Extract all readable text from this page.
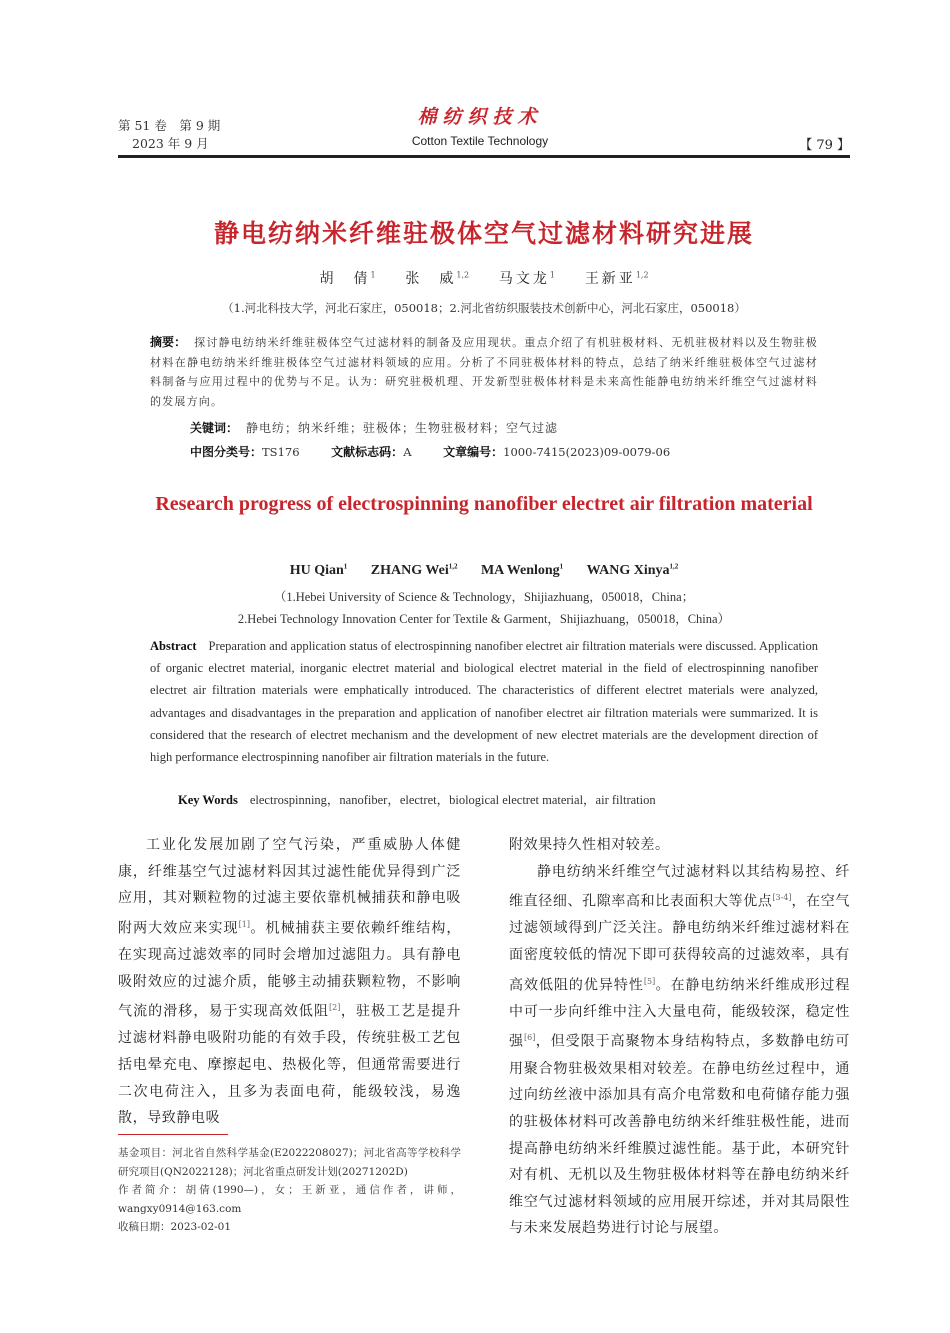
第 51 卷　第 9 期
2023 年 9 月
棉纺织技术
Cotton Textile Technology	【 79 】
静电纺纳米纤维驻极体空气过滤材料研究进展
胡　倩$^1$ 张　威$^{1,2}$ 马文龙$^1$ 王新亚$^{1,2}$
（1.河北科技大学，河北石家庄，050018；2.河北省纺织服装技术创新中心，河北石家庄，050018）
摘要： 探讨静电纺纳米纤维驻极体空气过滤材料的制备及应用现状。重点介绍了有机驻极材料、无机驻极材料以及生物驻极材料在静电纺纳米纤维驻极体空气过滤材料领域的应用。分析了不同驻极体材料的特点，总结了纳米纤维驻极体空气过滤材料制备与应用过程中的优势与不足。认为：研究驻极机理、开发新型驻极体材料是未来高性能静电纺纳米纤维空气过滤材料的发展方向。
关键词： 静电纺；纳米纤维；驻极体；生物驻极材料；空气过滤
中图分类号：TS176	文献标志码：A	文章编号：1000-7415(2023)09-0079-06
Research progress of electrospinning nanofiber electret air filtration material
HU Qian$^1$ ZHANG Wei$^{1,2}$ MA Wenlong$^1$ WANG Xinya$^{1,2}$
（1.Hebei University of Science & Technology，Shijiazhuang，050018，China；
2.Hebei Technology Innovation Center for Textile & Garment，Shijiazhuang，050018，China）
Abstract Preparation and application status of electrospinning nanofiber electret air filtration materials were discussed. Application of organic electret material, inorganic electret material and biological electret material in the field of electrospinning nanofiber electret air filtration materials were emphatically introduced. The characteristics of different electret materials were analyzed, advantages and disadvantages in the preparation and application of nanofiber electret air filtration materials were summarized. It is considered that the research of electret mechanism and the development of new electret materials are the development direction of high performance electrospinning nanofiber air filtration materials in the future.
Key Words electrospinning，nanofiber，electret，biological electret material，air filtration

工业化发展加剧了空气污染，严重威胁人体健康，纤维基空气过滤材料因其过滤性能优异得到广泛应用，其对颗粒物的过滤主要依靠机械捕获和静电吸附两大效应来实现[1]。机械捕获主要依赖纤维结构，在实现高过滤效率的同时会增加过滤阻力。具有静电吸附效应的过滤介质，能够主动捕获颗粒物，不影响气流的滑移，易于实现高效低阻[2]，驻极工艺是提升过滤材料静电吸附功能的有效手段，传统驻极工艺包括电晕充电、摩擦起电、热极化等，但通常需要进行二次电荷注入，且多为表面电荷，能级较浅，易逸散，导致静电吸

附效果持久性相对较差。

静电纺纳米纤维空气过滤材料以其结构易控、纤维直径细、孔隙率高和比表面积大等优点[3-4]，在空气过滤领域得到广泛关注。静电纺纳米纤维过滤材料在面密度较低的情况下即可获得较高的过滤效率，具有高效低阻的优异特性[5]。在静电纺纳米纤维成形过程中可一步向纤维中注入大量电荷，能级较深，稳定性强[6]，但受限于高聚物本身结构特点，多数静电纺可用聚合物驻极效果相对较差。在静电纺丝过程中，通过向纺丝液中添加具有高介电常数和电荷储存能力强的驻极体材料可改善静电纺纳米纤维驻极性能，进而提高静电纺纳米纤维膜过滤性能。基于此，本研究针对有机、无机以及生物驻极体材料等在静电纺纳米纤维空气过滤材料领域的应用展开综述，并对其局限性与未来发展趋势进行讨论与展望。

基金项目：河北省自然科学基金(E2022208027)；河北省高等学校科学研究项目(QN2022128)；河北省重点研发计划(20271202D)
作者简介：胡倩(1990—)，女；王新亚，通信作者，讲师，wangxy0914@163.com
收稿日期：2023-02-01
